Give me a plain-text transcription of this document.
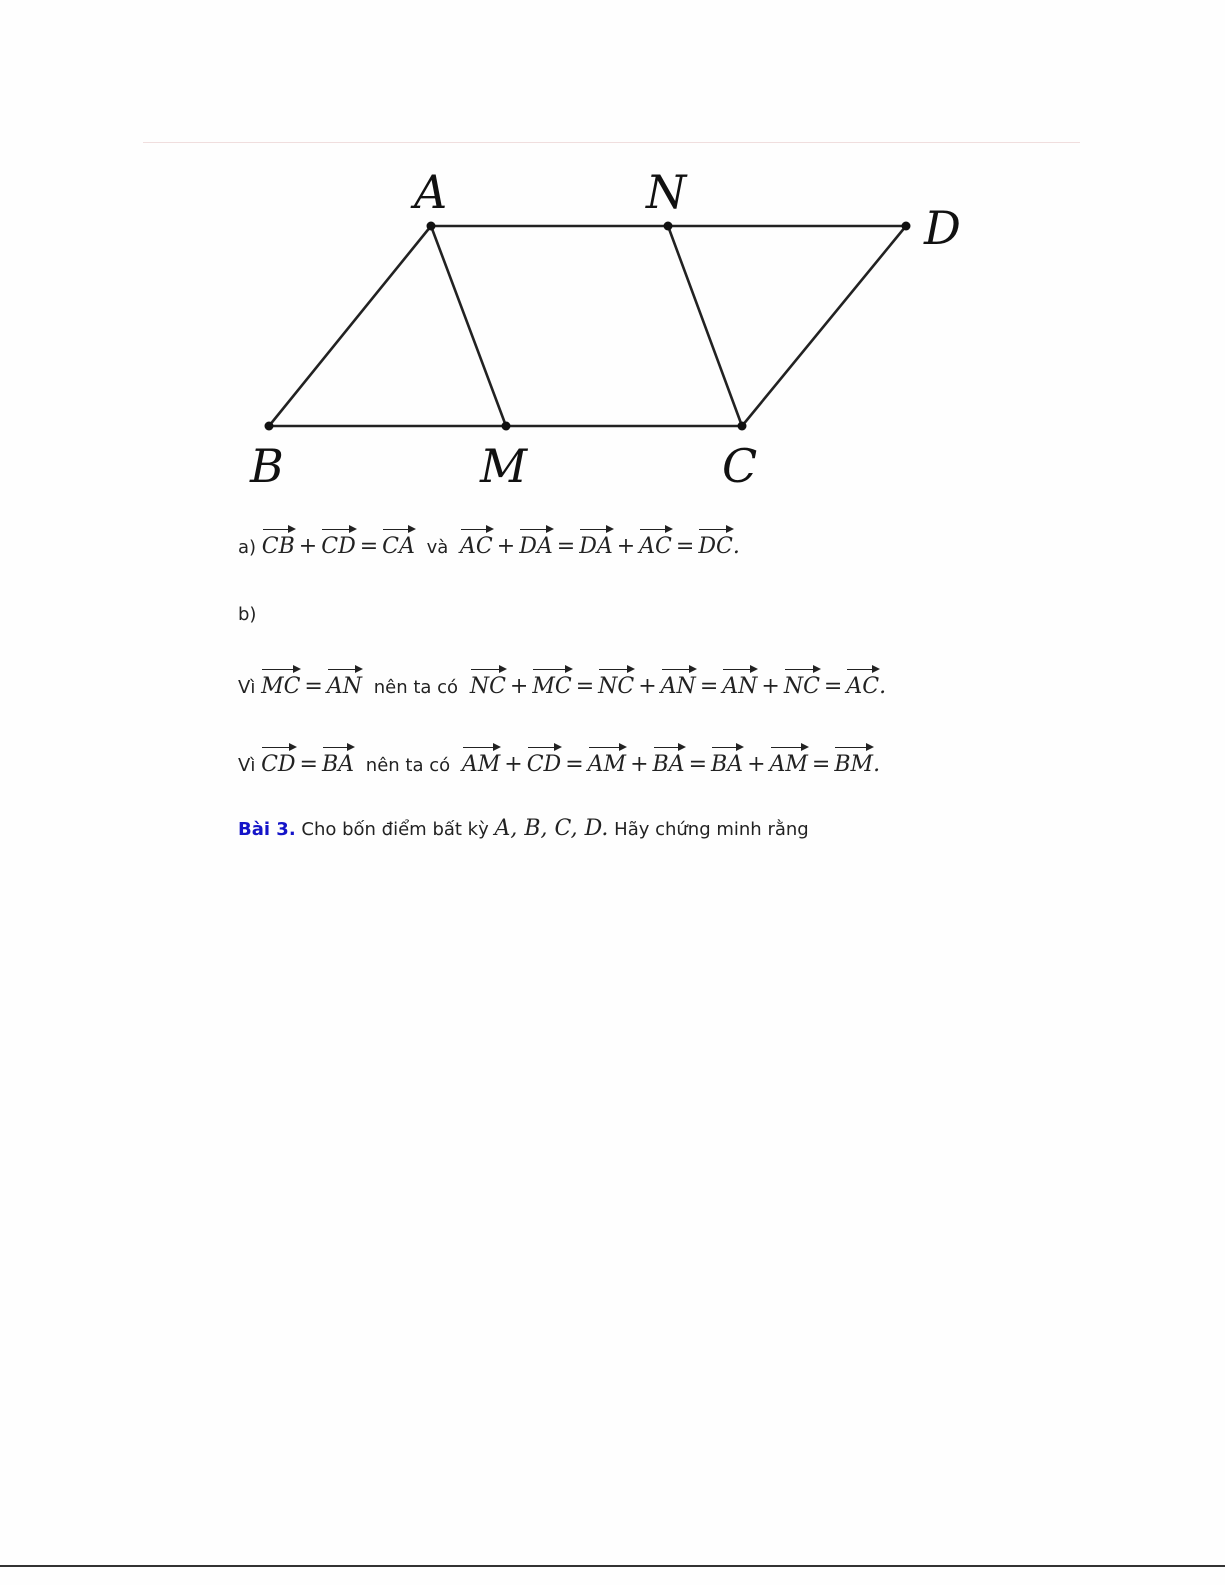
A	N
D
B	M	C
a) CB + CD = CA và AC + DA = DA + AC = DC.
b)
Vì MC = AN nên ta có NC + MC = NC + AN = AN + NC = AC.
Vì CD = BA nên ta có AM + CD = AM + BA = BA + AM = BM.
Bài 3. Cho bốn điểm bất kỳ A, B, C, D. Hãy chứng minh rằng
